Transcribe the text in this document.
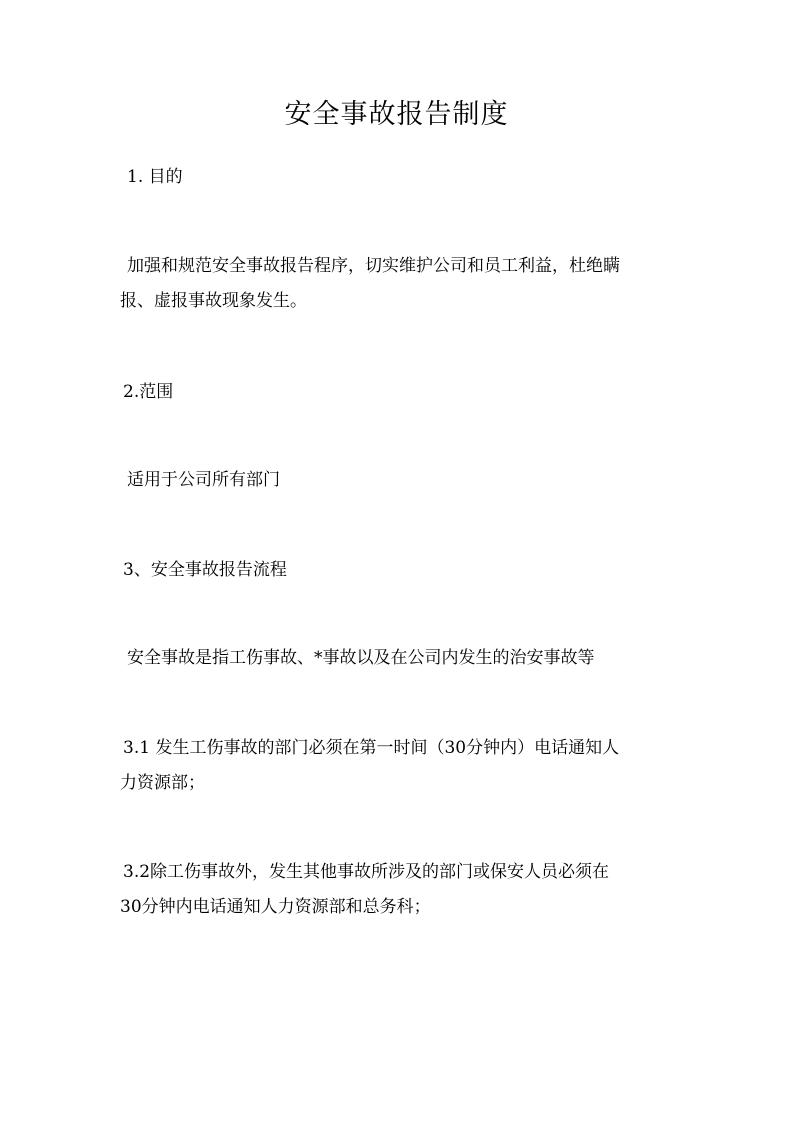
安全事故报告制度
1. 目的
加强和规范安全事故报告程序，切实维护公司和员工利益，杜绝瞒
报、虚报事故现象发生。
2.范围
适用于公司所有部门
3、安全事故报告流程
安全事故是指工伤事故、*事故以及在公司内发生的治安事故等
3.1 发生工伤事故的部门必须在第一时间（30分钟内）电话通知人
力资源部；
3.2除工伤事故外，发生其他事故所涉及的部门或保安人员必须在
30分钟内电话通知人力资源部和总务科；
